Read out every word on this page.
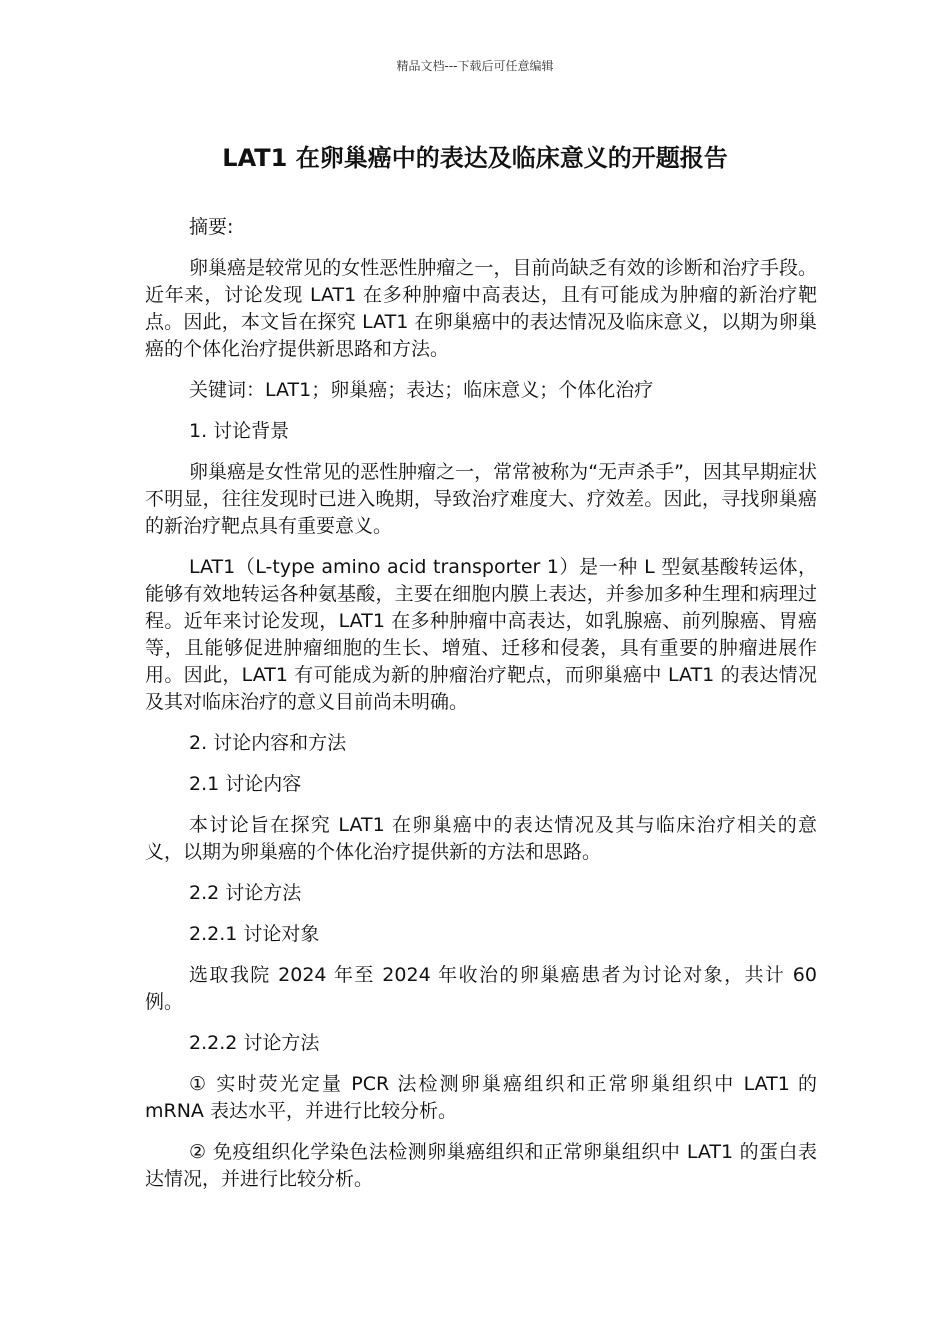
精品文档---下载后可任意编辑
LAT1 在卵巢癌中的表达及临床意义的开题报告

摘要:

卵巢癌是较常见的女性恶性肿瘤之一，目前尚缺乏有效的诊断和治疗手段。近年来，讨论发现 LAT1 在多种肿瘤中高表达，且有可能成为肿瘤的新治疗靶点。因此，本文旨在探究 LAT1 在卵巢癌中的表达情况及临床意义，以期为卵巢癌的个体化治疗提供新思路和方法。

关键词：LAT1；卵巢癌；表达；临床意义；个体化治疗

1. 讨论背景

卵巢癌是女性常见的恶性肿瘤之一，常常被称为“无声杀手”，因其早期症状不明显，往往发现时已进入晚期，导致治疗难度大、疗效差。因此，寻找卵巢癌的新治疗靶点具有重要意义。

LAT1（L-type amino acid transporter 1）是一种 L 型氨基酸转运体，能够有效地转运各种氨基酸，主要在细胞内膜上表达，并参加多种生理和病理过程。近年来讨论发现，LAT1 在多种肿瘤中高表达，如乳腺癌、前列腺癌、胃癌等，且能够促进肿瘤细胞的生长、增殖、迁移和侵袭，具有重要的肿瘤进展作用。因此，LAT1 有可能成为新的肿瘤治疗靶点，而卵巢癌中 LAT1 的表达情况及其对临床治疗的意义目前尚未明确。

2. 讨论内容和方法

2.1 讨论内容

本讨论旨在探究 LAT1 在卵巢癌中的表达情况及其与临床治疗相关的意义，以期为卵巢癌的个体化治疗提供新的方法和思路。

2.2 讨论方法

2.2.1 讨论对象

选取我院 2024 年至 2024 年收治的卵巢癌患者为讨论对象，共计 60 例。

2.2.2 讨论方法

① 实时荧光定量 PCR 法检测卵巢癌组织和正常卵巢组织中 LAT1 的 mRNA 表达水平，并进行比较分析。

② 免疫组织化学染色法检测卵巢癌组织和正常卵巢组织中 LAT1 的蛋白表达情况，并进行比较分析。
